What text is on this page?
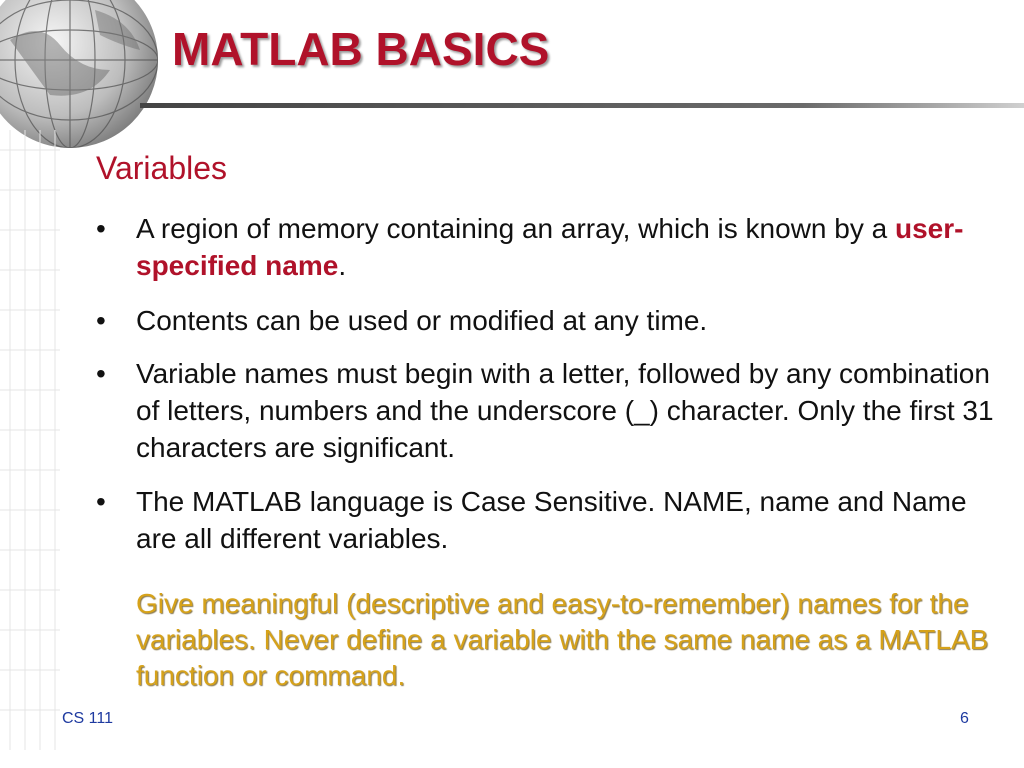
MATLAB BASICS
Variables
• A region of memory containing an array, which is known by a user-specified name.
• Contents can be used or modified at any time.
• Variable names must begin with a letter, followed by any combination of letters, numbers and the underscore (_) character. Only the first 31 characters are significant.
• The MATLAB language is Case Sensitive. NAME, name and Name are all different variables.
Give meaningful (descriptive and easy-to-remember) names for the variables. Never define a variable with the same name as a MATLAB function or command.
CS 111	6
